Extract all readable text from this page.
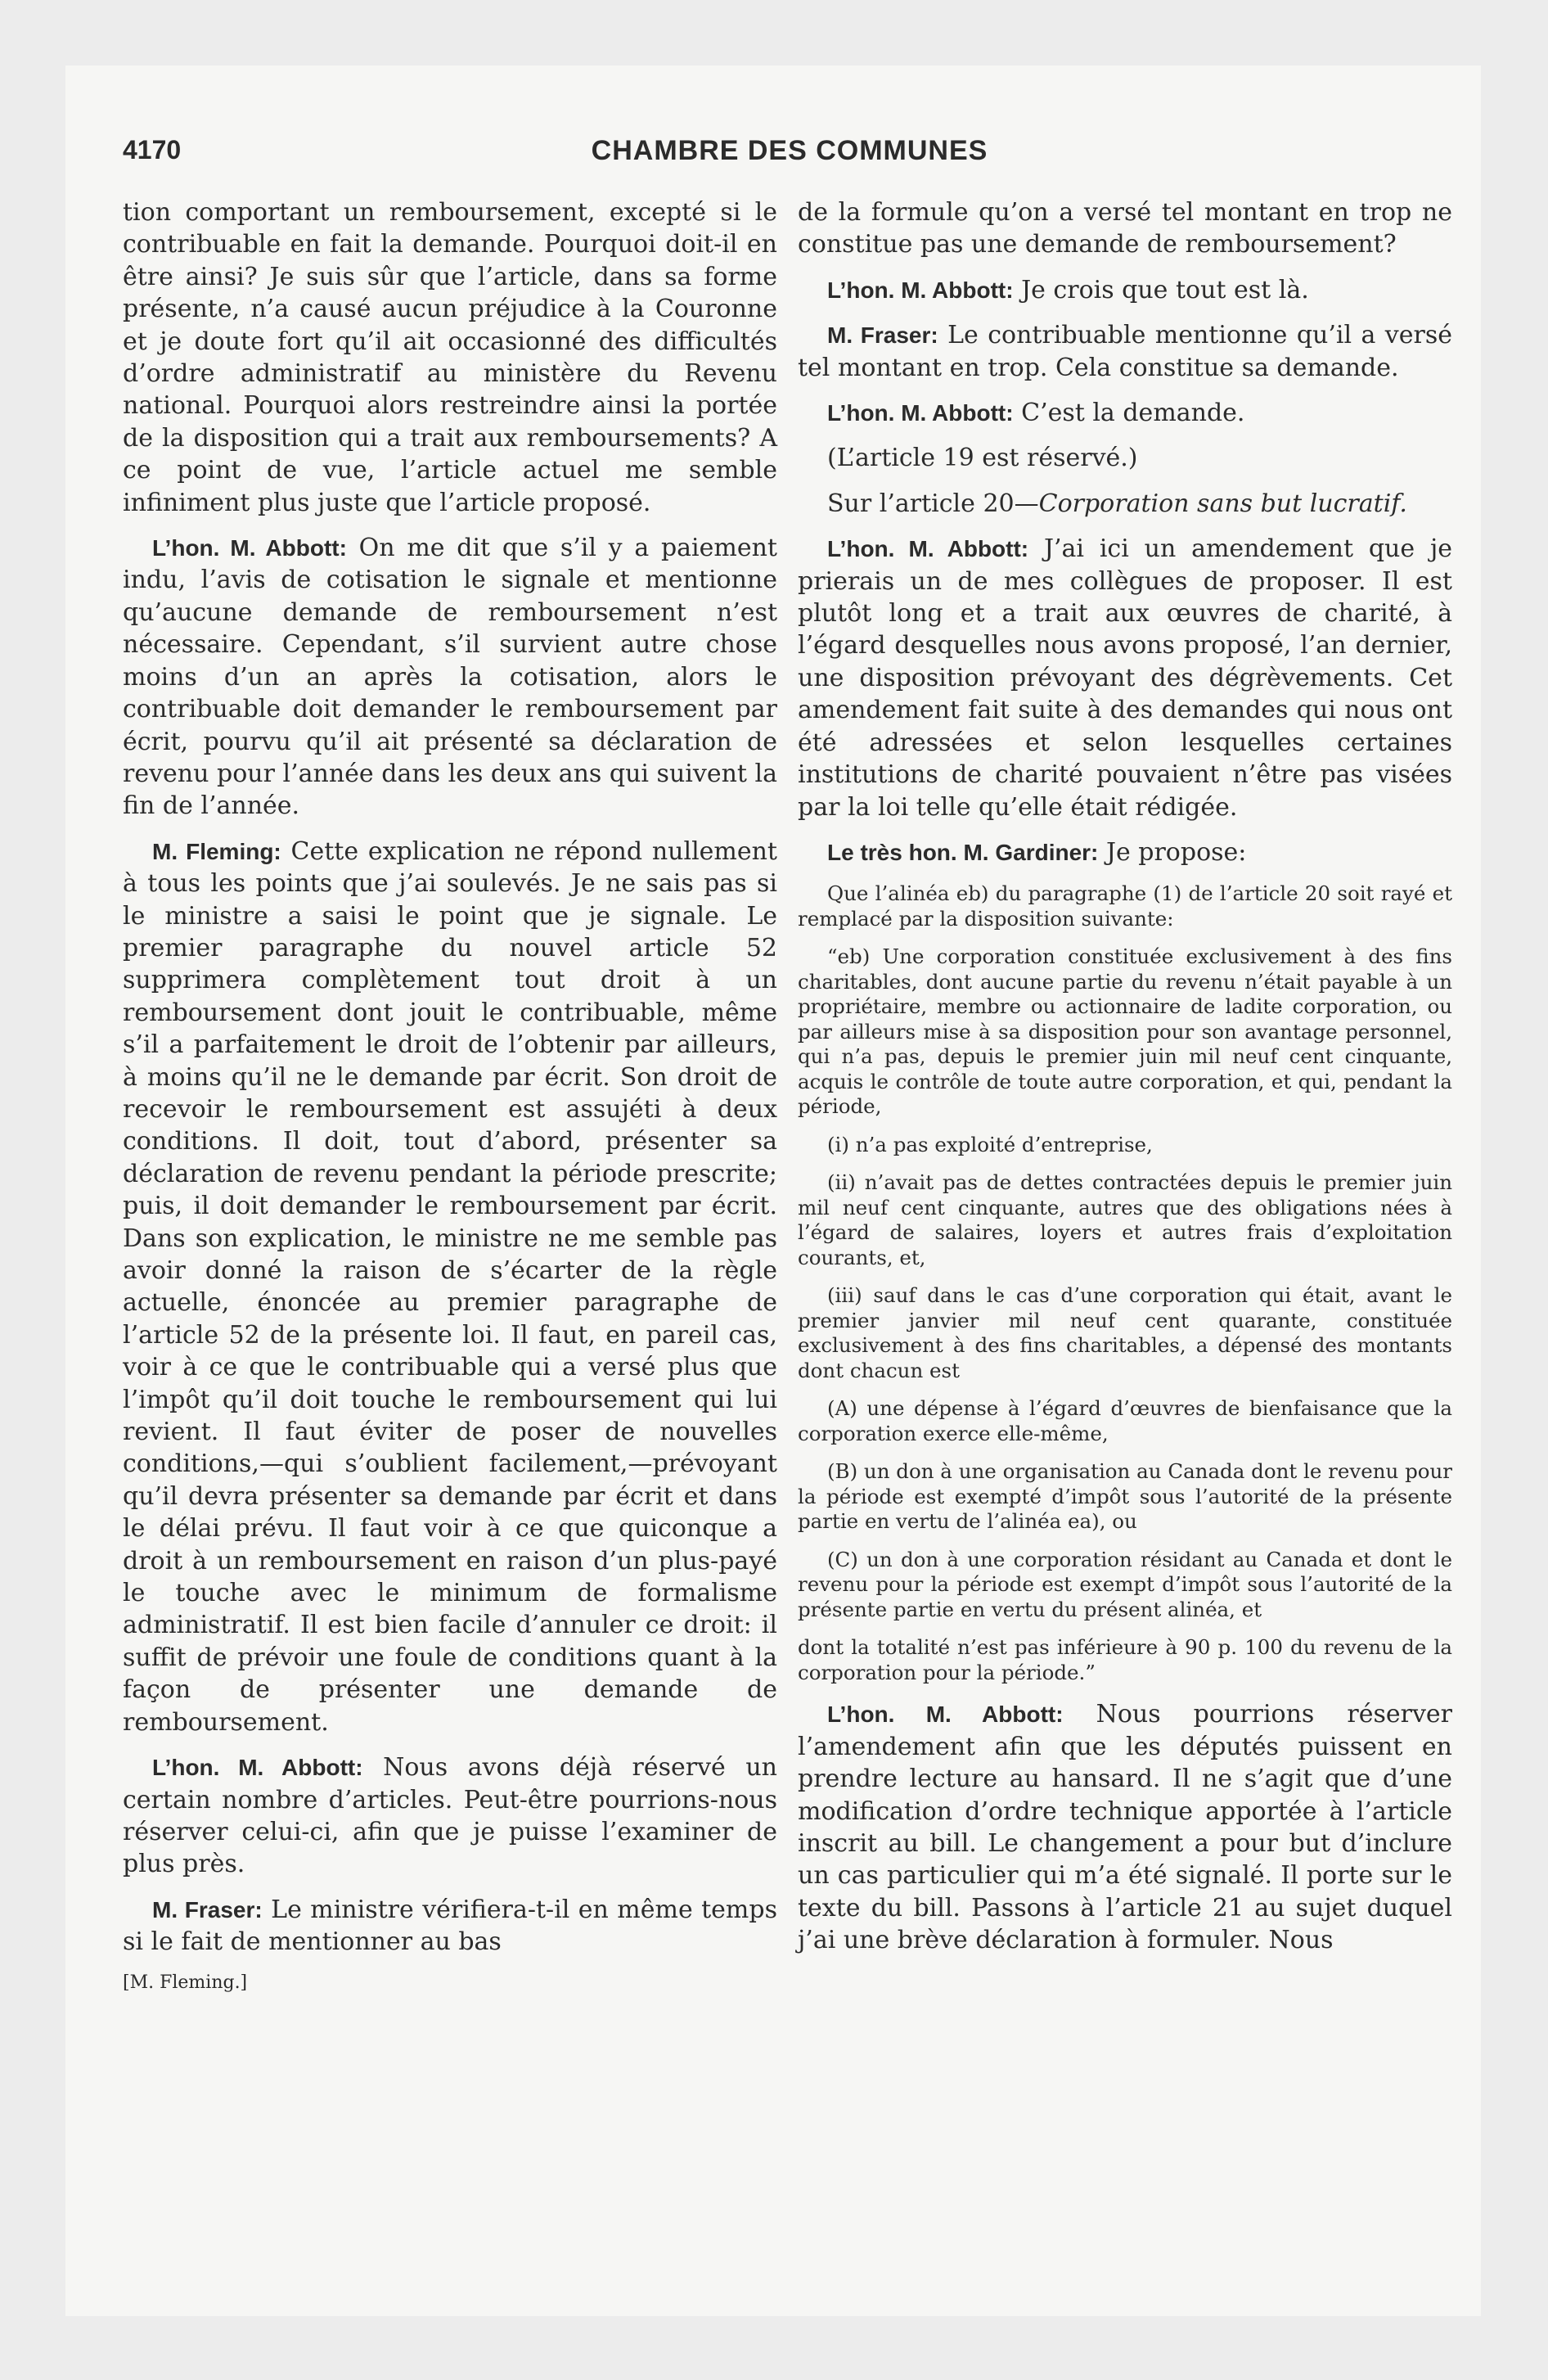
4170	CHAMBRE DES COMMUNES

tion comportant un remboursement, excepté si le contribuable en fait la demande. Pourquoi doit-il en être ainsi? Je suis sûr que l’article, dans sa forme présente, n’a causé aucun préjudice à la Couronne et je doute fort qu’il ait occasionné des difficultés d’ordre administratif au ministère du Revenu national. Pourquoi alors restreindre ainsi la portée de la disposition qui a trait aux remboursements? A ce point de vue, l’article actuel me semble infiniment plus juste que l’article proposé.

L’hon. M. Abbott: On me dit que s’il y a paiement indu, l’avis de cotisation le signale et mentionne qu’aucune demande de remboursement n’est nécessaire. Cependant, s’il survient autre chose moins d’un an après la cotisation, alors le contribuable doit demander le remboursement par écrit, pourvu qu’il ait présenté sa déclaration de revenu pour l’année dans les deux ans qui suivent la fin de l’année.

M. Fleming: Cette explication ne répond nullement à tous les points que j’ai soulevés. Je ne sais pas si le ministre a saisi le point que je signale. Le premier paragraphe du nouvel article 52 supprimera complètement tout droit à un remboursement dont jouit le contribuable, même s’il a parfaitement le droit de l’obtenir par ailleurs, à moins qu’il ne le demande par écrit. Son droit de recevoir le remboursement est assujéti à deux conditions. Il doit, tout d’abord, présenter sa déclaration de revenu pendant la période prescrite; puis, il doit demander le remboursement par écrit. Dans son explication, le ministre ne me semble pas avoir donné la raison de s’écarter de la règle actuelle, énoncée au premier paragraphe de l’article 52 de la présente loi. Il faut, en pareil cas, voir à ce que le contribuable qui a versé plus que l’impôt qu’il doit touche le remboursement qui lui revient. Il faut éviter de poser de nouvelles conditions,—qui s’oublient facilement,—prévoyant qu’il devra présenter sa demande par écrit et dans le délai prévu. Il faut voir à ce que quiconque a droit à un remboursement en raison d’un plus-payé le touche avec le minimum de formalisme administratif. Il est bien facile d’annuler ce droit: il suffit de prévoir une foule de conditions quant à la façon de présenter une demande de remboursement.

L’hon. M. Abbott: Nous avons déjà réservé un certain nombre d’articles. Peut-être pourrions-nous réserver celui-ci, afin que je puisse l’examiner de plus près.

M. Fraser: Le ministre vérifiera-t-il en même temps si le fait de mentionner au bas

[M. Fleming.]

de la formule qu’on a versé tel montant en trop ne constitue pas une demande de remboursement?

L’hon. M. Abbott: Je crois que tout est là.

M. Fraser: Le contribuable mentionne qu’il a versé tel montant en trop. Cela constitue sa demande.

L’hon. M. Abbott: C’est la demande.

(L’article 19 est réservé.)

Sur l’article 20—Corporation sans but lucratif.

L’hon. M. Abbott: J’ai ici un amendement que je prierais un de mes collègues de proposer. Il est plutôt long et a trait aux œuvres de charité, à l’égard desquelles nous avons proposé, l’an dernier, une disposition prévoyant des dégrèvements. Cet amendement fait suite à des demandes qui nous ont été adressées et selon lesquelles certaines institutions de charité pouvaient n’être pas visées par la loi telle qu’elle était rédigée.

Le très hon. M. Gardiner: Je propose:

Que l’alinéa eb) du paragraphe (1) de l’article 20 soit rayé et remplacé par la disposition suivante:

“eb) Une corporation constituée exclusivement à des fins charitables, dont aucune partie du revenu n’était payable à un propriétaire, membre ou actionnaire de ladite corporation, ou par ailleurs mise à sa disposition pour son avantage personnel, qui n’a pas, depuis le premier juin mil neuf cent cinquante, acquis le contrôle de toute autre corporation, et qui, pendant la période,

(i) n’a pas exploité d’entreprise,

(ii) n’avait pas de dettes contractées depuis le premier juin mil neuf cent cinquante, autres que des obligations nées à l’égard de salaires, loyers et autres frais d’exploitation courants, et,

(iii) sauf dans le cas d’une corporation qui était, avant le premier janvier mil neuf cent quarante, constituée exclusivement à des fins charitables, a dépensé des montants dont chacun est

(A) une dépense à l’égard d’œuvres de bienfaisance que la corporation exerce elle-même,

(B) un don à une organisation au Canada dont le revenu pour la période est exempté d’impôt sous l’autorité de la présente partie en vertu de l’alinéa ea), ou

(C) un don à une corporation résidant au Canada et dont le revenu pour la période est exempt d’impôt sous l’autorité de la présente partie en vertu du présent alinéa, et

dont la totalité n’est pas inférieure à 90 p. 100 du revenu de la corporation pour la période.”

L’hon. M. Abbott: Nous pourrions réserver l’amendement afin que les députés puissent en prendre lecture au hansard. Il ne s’agit que d’une modification d’ordre technique apportée à l’article inscrit au bill. Le changement a pour but d’inclure un cas particulier qui m’a été signalé. Il porte sur le texte du bill. Passons à l’article 21 au sujet duquel j’ai une brève déclaration à formuler. Nous
